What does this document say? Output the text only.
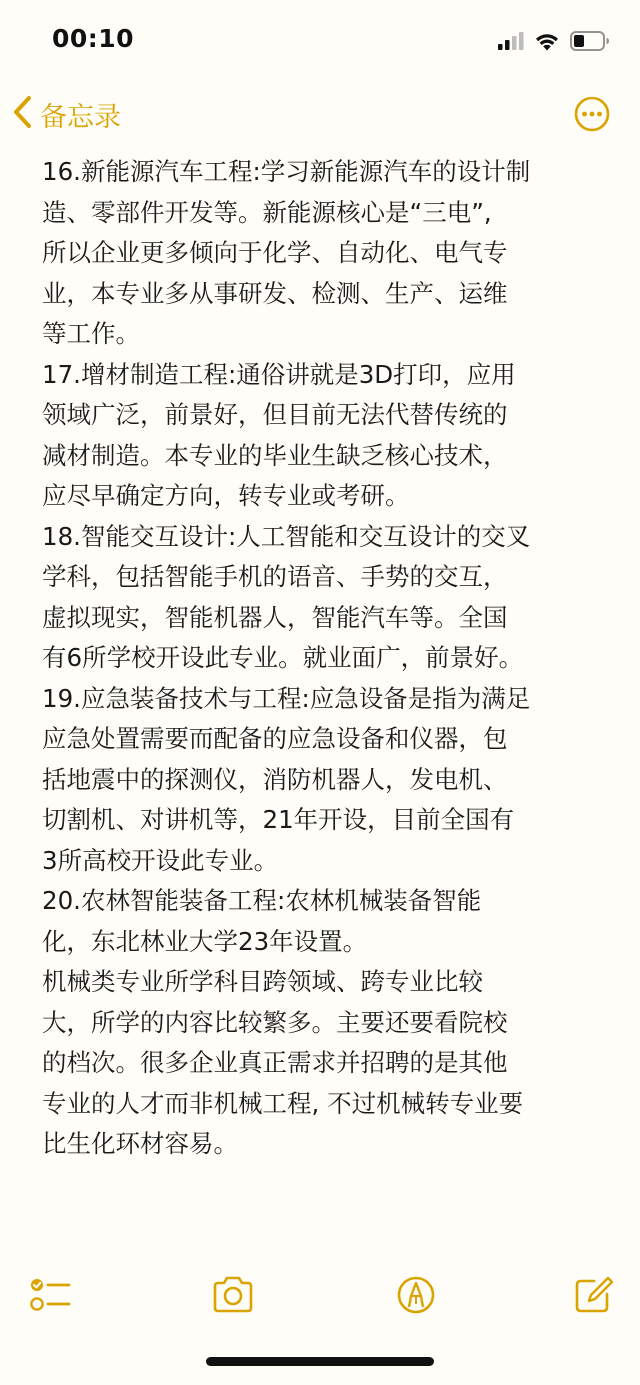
00:10
备忘录
16.新能源汽车工程:学习新能源汽车的设计制
造、零部件开发等。新能源核心是“三电”,
所以企业更多倾向于化学、自动化、电气专
业，本专业多从事研发、检测、生产、运维
等工作。
17.增材制造工程:通俗讲就是3D打印，应用
领域广泛，前景好，但目前无法代替传统的
减材制造。本专业的毕业生缺乏核心技术，
应尽早确定方向，转专业或考研。
18.智能交互设计:人工智能和交互设计的交叉
学科，包括智能手机的语音、手势的交互，
虚拟现实，智能机器人，智能汽车等。全国
有6所学校开设此专业。就业面广，前景好。
19.应急装备技术与工程:应急设备是指为满足
应急处置需要而配备的应急设备和仪器，包
括地震中的探测仪，消防机器人，发电机、
切割机、对讲机等，21年开设，目前全国有
3所高校开设此专业。
20.农林智能装备工程:农林机械装备智能
化，东北林业大学23年设置。
机械类专业所学科目跨领域、跨专业比较
大，所学的内容比较繁多。主要还要看院校
的档次。很多企业真正需求并招聘的是其他
专业的人才而非机械工程, 不过机械转专业要
比生化环材容易。
